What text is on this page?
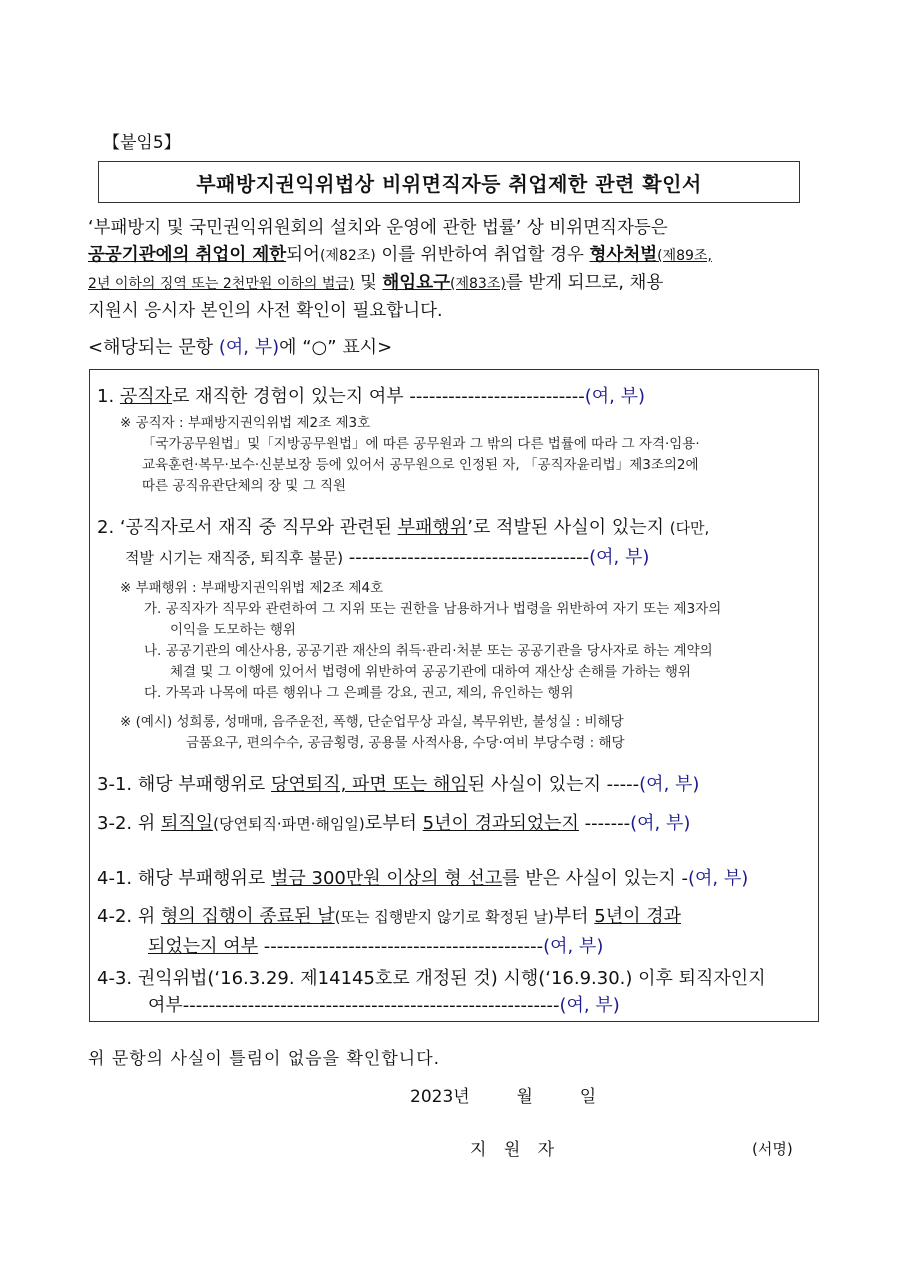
【붙임5】
부패방지권익위법상 비위면직자등 취업제한 관련 확인서

‘부패방지 및 국민권익위원회의 설치와 운영에 관한 법률’ 상 비위면직자등은

공공기관에의 취업이 제한되어(제82조) 이를 위반하여 취업할 경우 형사처벌(제89조,

2년 이하의 징역 또는 2천만원 이하의 벌금) 및 해임요구(제83조)를 받게 되므로, 채용

지원시 응시자 본인의 사전 확인이 필요합니다.

<해당되는 문항 (여, 부)에 “○” 표시>
1. 공직자로 재직한 경험이 있는지 여부 ---------------------------(여, 부)
※ 공직자 : 부패방지권익위법 제2조 제3호
「국가공무원법」및「지방공무원법」에 따른 공무원과 그 밖의 다른 법률에 따라 그 자격·임용·
교육훈련·복무·보수·신분보장 등에 있어서 공무원으로 인정된 자, 「공직자윤리법」제3조의2에
따른 공직유관단체의 장 및 그 직원
2. ‘공직자로서 재직 중 직무와 관련된 부패행위’로 적발된 사실이 있는지 (다만,
적발 시기는 재직중, 퇴직후 불문) -------------------------------------(여, 부)
※ 부패행위 : 부패방지권익위법 제2조 제4호
가. 공직자가 직무와 관련하여 그 지위 또는 권한을 남용하거나 법령을 위반하여 자기 또는 제3자의
이익을 도모하는 행위
나. 공공기관의 예산사용, 공공기관 재산의 취득·관리·처분 또는 공공기관을 당사자로 하는 계약의
체결 및 그 이행에 있어서 법령에 위반하여 공공기관에 대하여 재산상 손해를 가하는 행위
다. 가목과 나목에 따른 행위나 그 은폐를 강요, 권고, 제의, 유인하는 행위
※ (예시) 성희롱, 성매매, 음주운전, 폭행, 단순업무상 과실, 복무위반, 불성실 : 비해당
금품요구, 편의수수, 공금횡령, 공용물 사적사용, 수당·여비 부당수령 : 해당
3-1. 해당 부패행위로 당연퇴직, 파면 또는 해임된 사실이 있는지 -----(여, 부)
3-2. 위 퇴직일(당연퇴직·파면·해임일)로부터 5년이 경과되었는지 -------(여, 부)
4-1. 해당 부패행위로 벌금 300만원 이상의 형 선고를 받은 사실이 있는지 -(여, 부)
4-2. 위 형의 집행이 종료된 날(또는 집행받지 않기로 확정된 날)부터 5년이 경과
되었는지 여부 -------------------------------------------(여, 부)
4-3. 권익위법(‘16.3.29. 제14145호로 개정된 것) 시행(‘16.9.30.) 이후 퇴직자인지
여부----------------------------------------------------------(여, 부)
위 문항의 사실이 틀림이 없음을 확인합니다.
2023년	월	일
지 원 자	(서명)
